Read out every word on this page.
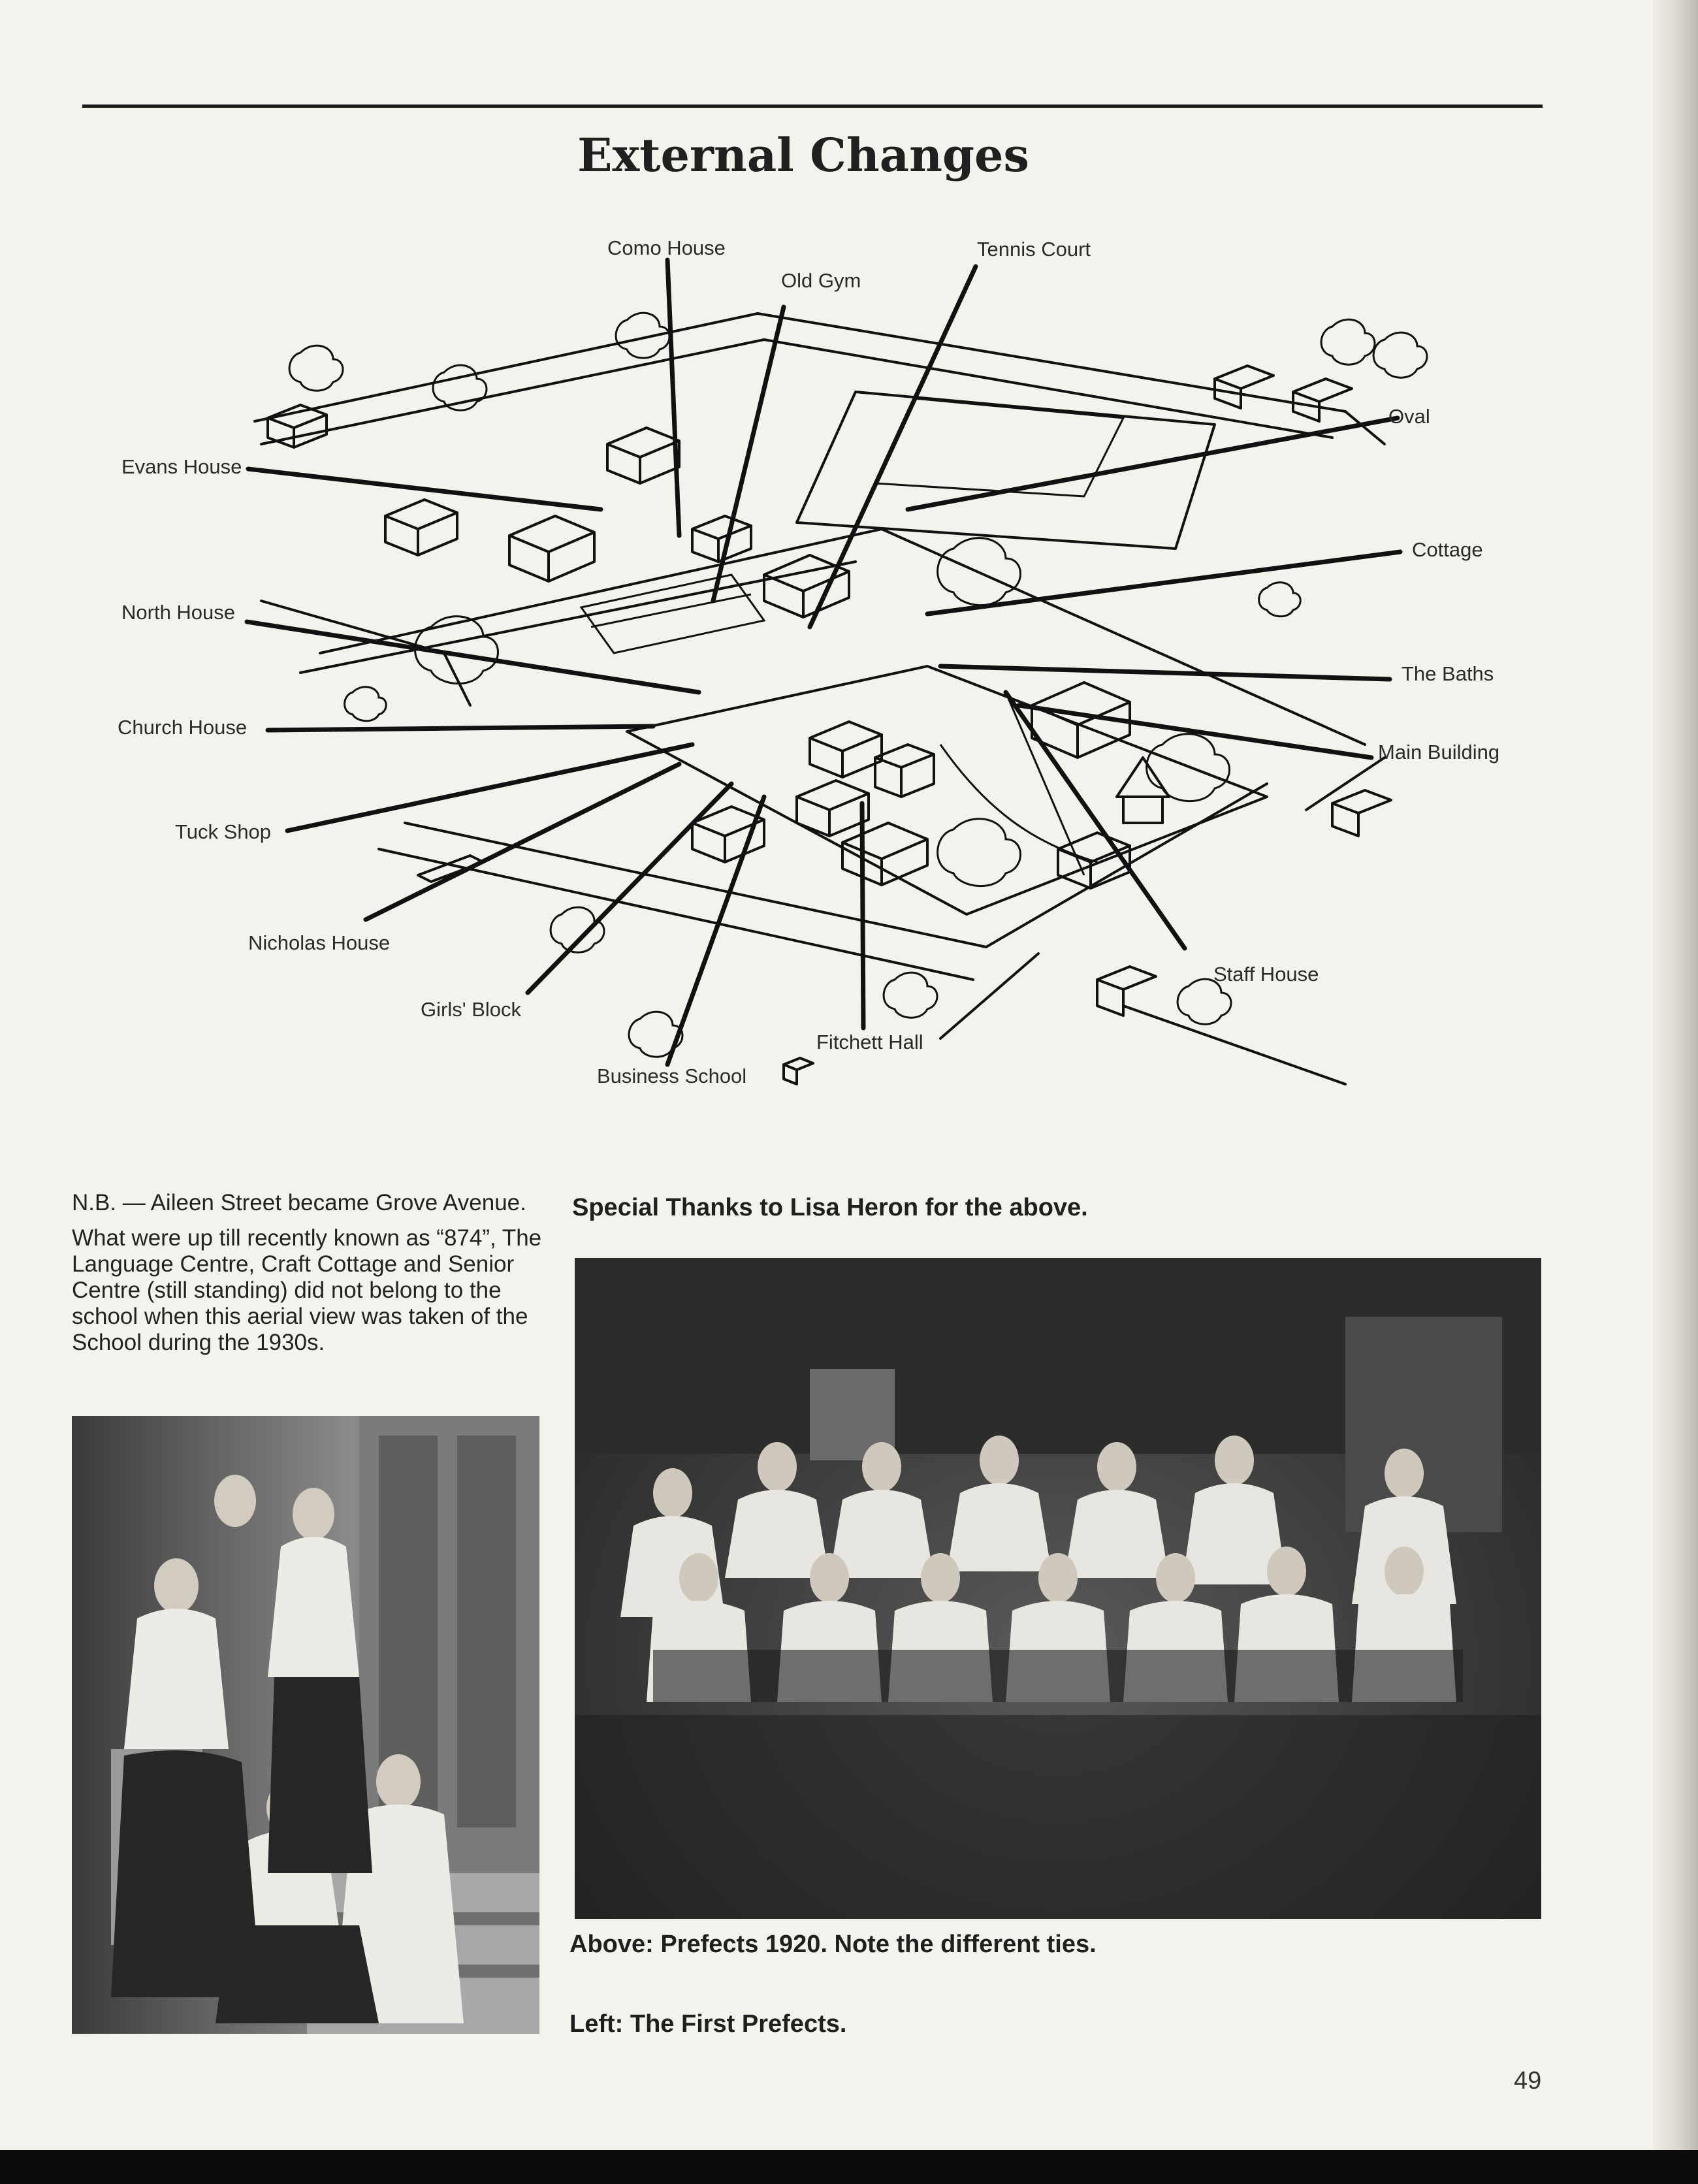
External Changes
Como House
Old Gym
Tennis Court
Oval
Evans House
Cottage
North House
The Baths
Church House
Main Building
Tuck Shop
Nicholas House
Staff House
Girls' Block
Fitchett Hall
Business School

N.B. — Aileen Street became Grove Avenue.

What were up till recently known as “874”, The Language Centre, Craft Cottage and Senior Centre (still standing) did not belong to the school when this aerial view was taken of the School during the 1930s.

Special Thanks to Lisa Heron for the above.
Above: Prefects 1920. Note the different ties.
Left: The First Prefects.
49
